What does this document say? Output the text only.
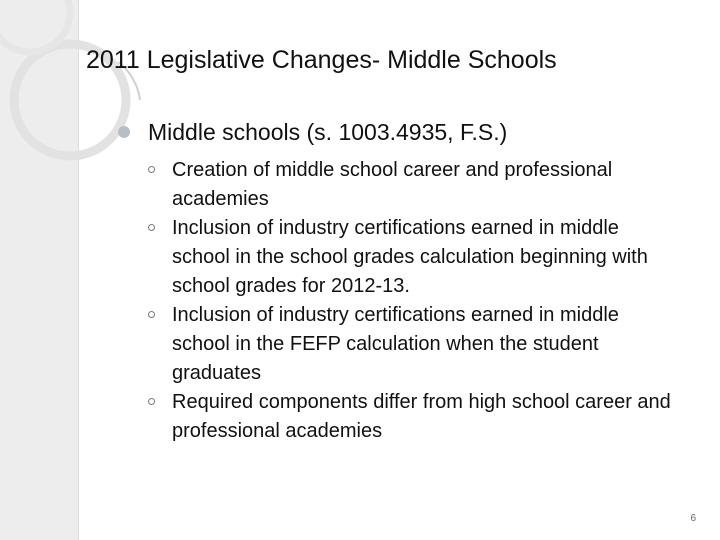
2011 Legislative Changes- Middle Schools
Middle schools (s. 1003.4935, F.S.)
Creation of middle school career and professional academies
Inclusion of industry certifications earned in middle school in the school grades calculation beginning with school grades for 2012-13.
Inclusion of industry certifications earned in middle school in the FEFP calculation when the student graduates
Required components differ from high school career and professional academies
6
